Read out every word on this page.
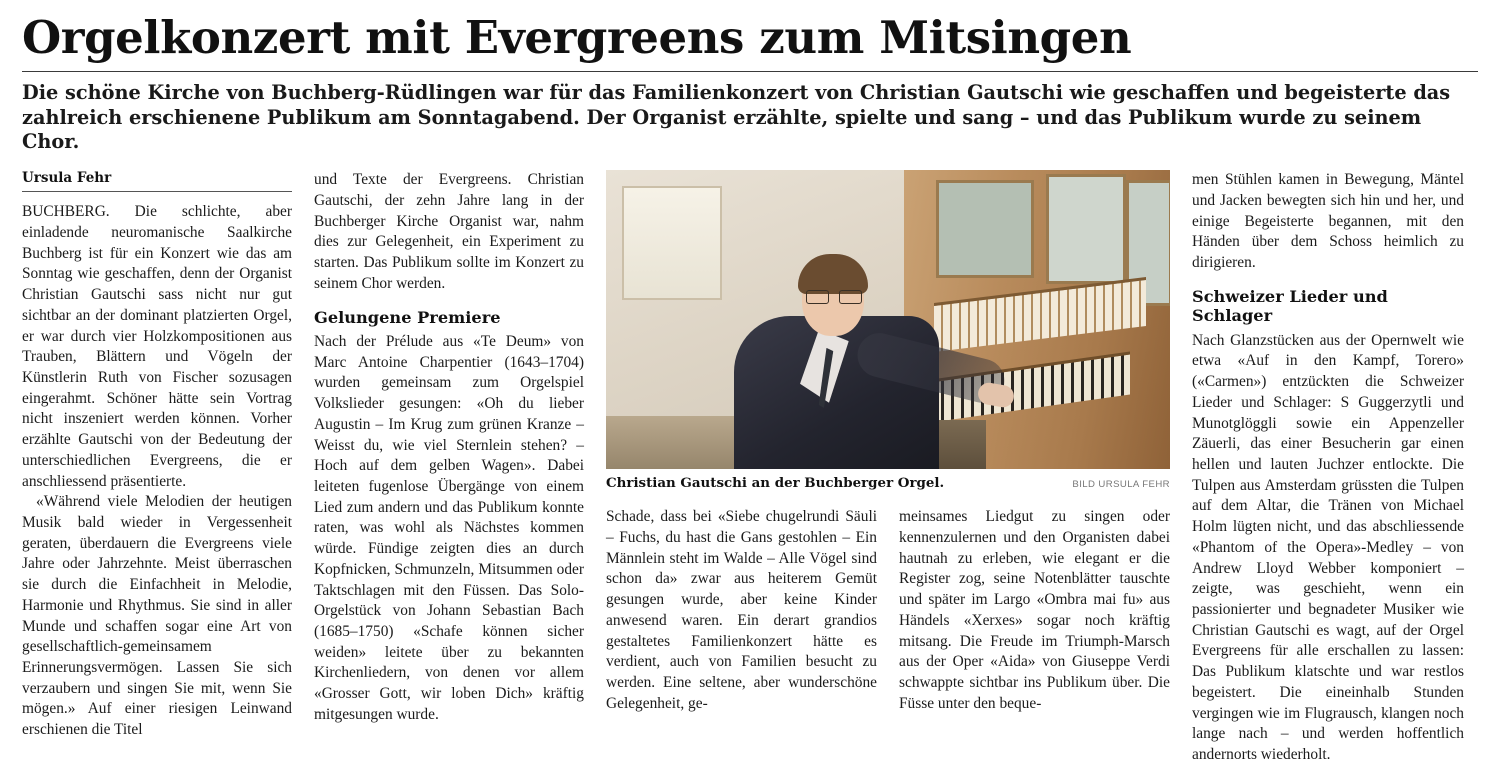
Orgelkonzert mit Evergreens zum Mitsingen
Die schöne Kirche von Buchberg-Rüdlingen war für das Familienkonzert von Christian Gautschi wie geschaffen und begeisterte das zahlreich erschienene Publikum am Sonntagabend. Der Organist erzählte, spielte und sang – und das Publikum wurde zu seinem Chor.
Ursula Fehr

BUCHBERG. Die schlichte, aber einladende neuromanische Saalkirche Buchberg ist für ein Konzert wie das am Sonntag wie geschaffen, denn der Organist Christian Gautschi sass nicht nur gut sichtbar an der dominant platzierten Orgel, er war durch vier Holzkompositionen aus Trauben, Blättern und Vögeln der Künstlerin Ruth von Fischer sozusagen eingerahmt. Schöner hätte sein Vortrag nicht inszeniert werden können. Vorher erzählte Gautschi von der Bedeutung der unterschiedlichen Evergreens, die er anschliessend präsentierte.

«Während viele Melodien der heutigen Musik bald wieder in Vergessenheit geraten, überdauern die Evergreens viele Jahre oder Jahrzehnte. Meist überraschen sie durch die Einfachheit in Melodie, Harmonie und Rhythmus. Sie sind in aller Munde und schaffen sogar eine Art von gesellschaftlich-gemeinsamem Erinnerungsvermögen. Lassen Sie sich verzaubern und singen Sie mit, wenn Sie mögen.» Auf einer riesigen Leinwand erschienen die Titel

und Texte der Evergreens. Christian Gautschi, der zehn Jahre lang in der Buchberger Kirche Organist war, nahm dies zur Gelegenheit, ein Experiment zu starten. Das Publikum sollte im Konzert zu seinem Chor werden.

Gelungene Premiere

Nach der Prélude aus «Te Deum» von Marc Antoine Charpentier (1643–1704) wurden gemeinsam zum Orgelspiel Volkslieder gesungen: «Oh du lieber Augustin – Im Krug zum grünen Kranze – Weisst du, wie viel Sternlein stehen? – Hoch auf dem gelben Wagen». Dabei leiteten fugenlose Übergänge von einem Lied zum andern und das Publikum konnte raten, was wohl als Nächstes kommen würde. Fündige zeigten dies an durch Kopfnicken, Schmunzeln, Mitsummen oder Taktschlagen mit den Füssen. Das Solo-Orgelstück von Johann Sebastian Bach (1685–1750) «Schafe können sicher weiden» leitete über zu bekannten Kirchenliedern, von denen vor allem «Grosser Gott, wir loben Dich» kräftig mitgesungen wurde.

Christian Gautschi an der Buchberger Orgel.	BILD URSULA FEHR

Schade, dass bei «Siebe chugelrundi Säuli – Fuchs, du hast die Gans gestohlen – Ein Männlein steht im Walde – Alle Vögel sind schon da» zwar aus heiterem Gemüt gesungen wurde, aber keine Kinder anwesend waren. Ein derart grandios gestaltetes Familienkonzert hätte es verdient, auch von Familien besucht zu werden. Eine seltene, aber wunderschöne Gelegenheit, ge-

meinsames Liedgut zu singen oder kennenzulernen und den Organisten dabei hautnah zu erleben, wie elegant er die Register zog, seine Notenblätter tauschte und später im Largo «Ombra mai fu» aus Händels «Xerxes» sogar noch kräftig mitsang. Die Freude im Triumph-Marsch aus der Oper «Aida» von Giuseppe Verdi schwappte sichtbar ins Publikum über. Die Füsse unter den beque-

men Stühlen kamen in Bewegung, Mäntel und Jacken bewegten sich hin und her, und einige Begeisterte begannen, mit den Händen über dem Schoss heimlich zu dirigieren.

Schweizer Lieder und Schlager

Nach Glanzstücken aus der Opernwelt wie etwa «Auf in den Kampf, Torero» («Carmen») entzückten die Schweizer Lieder und Schlager: S Guggerzytli und Munotglöggli sowie ein Appenzeller Zäuerli, das einer Besucherin gar einen hellen und lauten Juchzer entlockte. Die Tulpen aus Amsterdam grüssten die Tulpen auf dem Altar, die Tränen von Michael Holm lügten nicht, und das abschliessende «Phantom of the Opera»-Medley – von Andrew Lloyd Webber komponiert – zeigte, was geschieht, wenn ein passionierter und begnadeter Musiker wie Christian Gautschi es wagt, auf der Orgel Evergreens für alle erschallen zu lassen: Das Publikum klatschte und war restlos begeistert. Die eineinhalb Stunden vergingen wie im Flugrausch, klangen noch lange nach – und werden hoffentlich andernorts wiederholt.
